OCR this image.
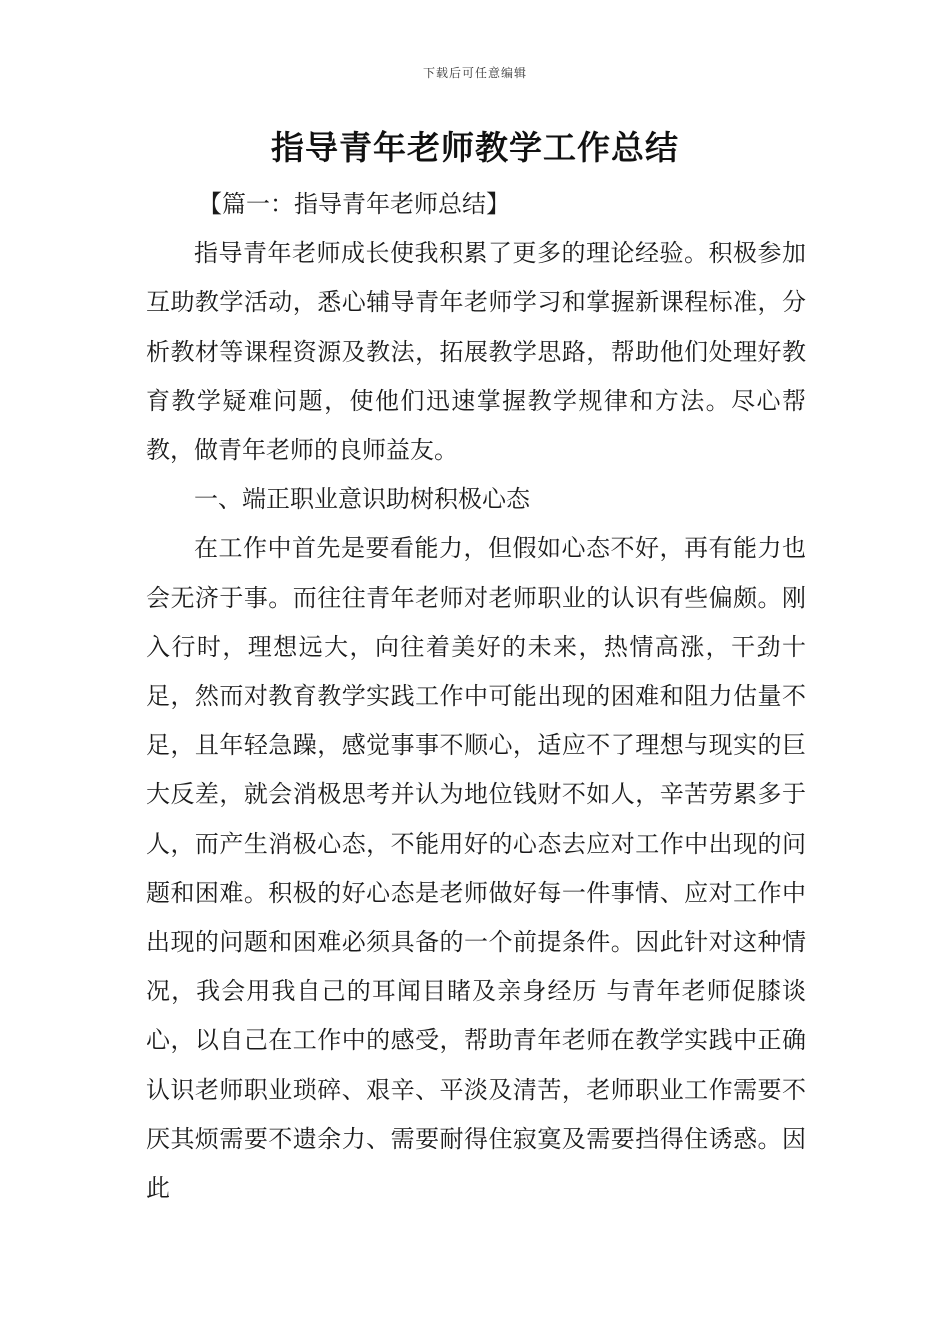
下载后可任意编辑
指导青年老师教学工作总结

【篇一：指导青年老师总结】

指导青年老师成长使我积累了更多的理论经验。积极参加互助教学活动，悉心辅导青年老师学习和掌握新课程标准，分析教材等课程资源及教法，拓展教学思路，帮助他们处理好教育教学疑难问题，使他们迅速掌握教学规律和方法。尽心帮教，做青年老师的良师益友。

一、端正职业意识助树积极心态

在工作中首先是要看能力，但假如心态不好，再有能力也会无济于事。而往往青年老师对老师职业的认识有些偏颇。刚入行时，理想远大，向往着美好的未来，热情高涨，干劲十足，然而对教育教学实践工作中可能出现的困难和阻力估量不足，且年轻急躁，感觉事事不顺心，适应不了理想与现实的巨大反差，就会消极思考并认为地位钱财不如人，辛苦劳累多于人，而产生消极心态，不能用好的心态去应对工作中出现的问题和困难。积极的好心态是老师做好每一件事情、应对工作中出现的问题和困难必须具备的一个前提条件。因此针对这种情况，我会用我自己的耳闻目睹及亲身经历 与青年老师促膝谈心，以自己在工作中的感受，帮助青年老师在教学实践中正确认识老师职业琐碎、艰辛、平淡及清苦，老师职业工作需要不厌其烦需要不遗余力、需要耐得住寂寞及需要挡得住诱惑。因此
